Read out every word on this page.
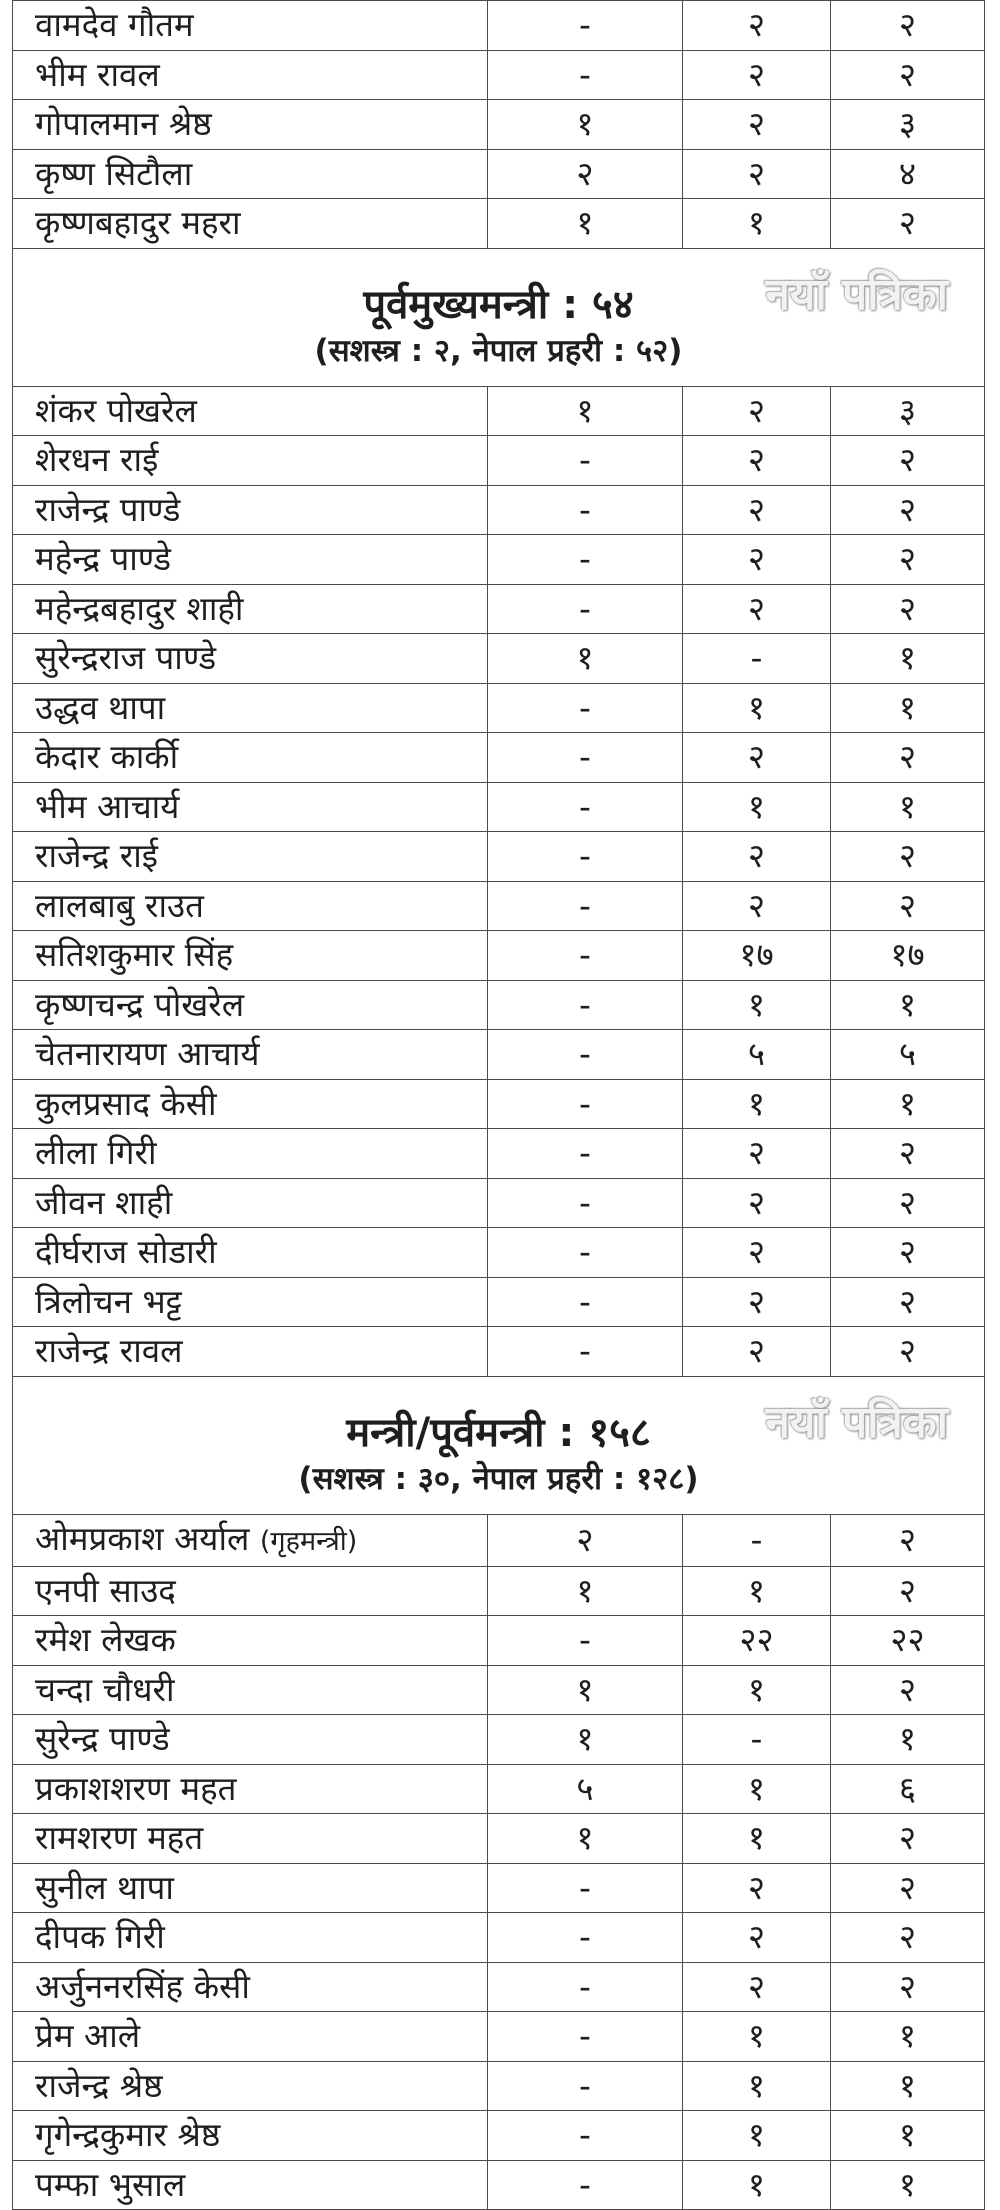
वामदेव गौतम	-	२	२
भीम रावल	-	२	२
गोपालमान श्रेष्ठ	१	२	३
कृष्ण सिटौला	२	२	४
कृष्णबहादुर महरा	१	१	२

पूर्वमुख्यमन्त्री : ५४
(सशस्त्र : २, नेपाल प्रहरी : ५२)
नयाँ पत्रिका			

शंकर पोखरेल	१	२	३
शेरधन राई	-	२	२
राजेन्द्र पाण्डे	-	२	२
महेन्द्र पाण्डे	-	२	२
महेन्द्रबहादुर शाही	-	२	२
सुरेन्द्रराज पाण्डे	१	-	१
उद्धव थापा	-	१	१
केदार कार्की	-	२	२
भीम आचार्य	-	१	१
राजेन्द्र राई	-	२	२
लालबाबु राउत	-	२	२
सतिशकुमार सिंह	-	१७	१७
कृष्णचन्द्र पोखरेल	-	१	१
चेतनारायण आचार्य	-	५	५
कुलप्रसाद केसी	-	१	१
लीला गिरी	-	२	२
जीवन शाही	-	२	२
दीर्घराज सोडारी	-	२	२
त्रिलोचन भट्ट	-	२	२
राजेन्द्र रावल	-	२	२

मन्त्री/पूर्वमन्त्री : १५८
(सशस्त्र : ३०, नेपाल प्रहरी : १२८)
नयाँ पत्रिका			

ओमप्रकाश अर्याल (गृहमन्त्री)	२	-	२
एनपी साउद	१	१	२
रमेश लेखक	-	२२	२२
चन्दा चौधरी	१	१	२
सुरेन्द्र पाण्डे	१	-	१
प्रकाशशरण महत	५	१	६
रामशरण महत	१	१	२
सुनील थापा	-	२	२
दीपक गिरी	-	२	२
अर्जुननरसिंह केसी	-	२	२
प्रेम आले	-	१	१
राजेन्द्र श्रेष्ठ	-	१	१
गृगेन्द्रकुमार श्रेष्ठ	-	१	१
पम्फा भुसाल	-	१	१
